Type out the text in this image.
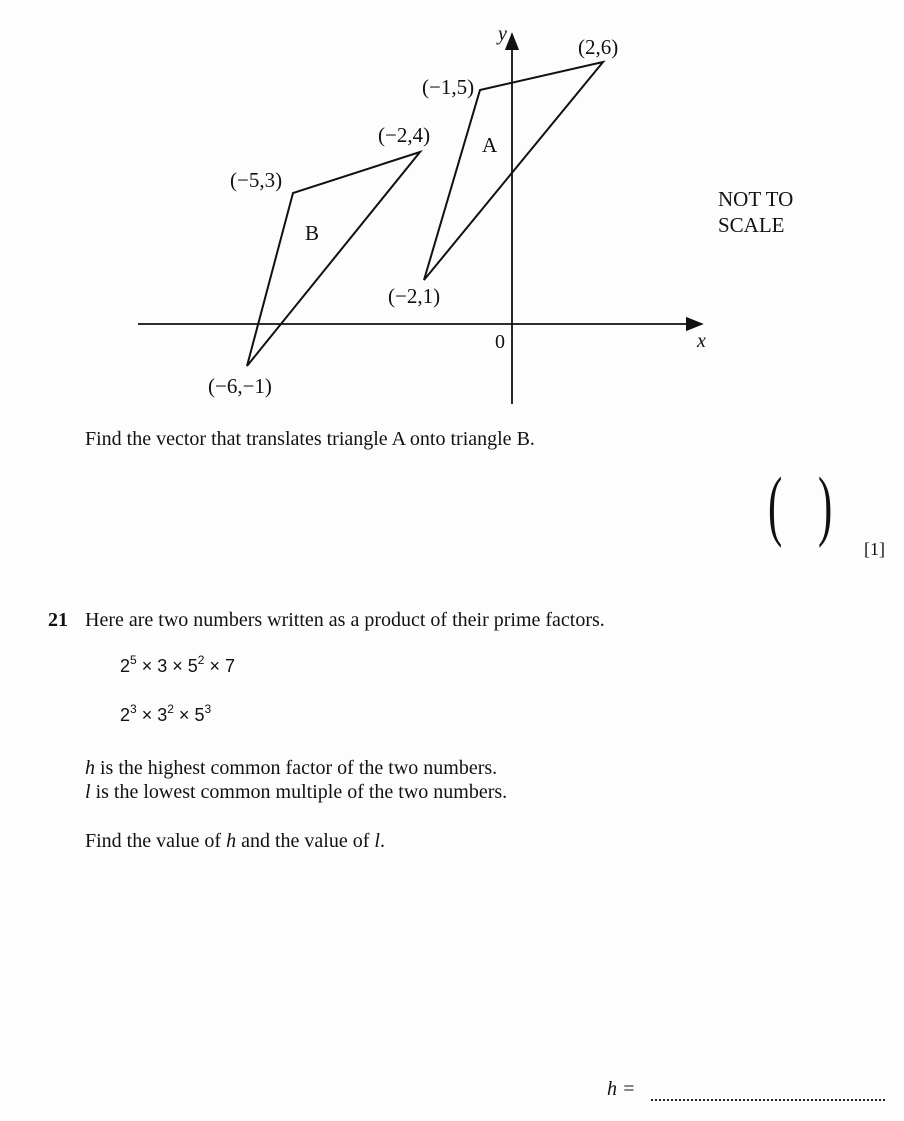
y
x
0
A
(2,6)
(−1,5)
(−2,1)
B
(−2,4)
(−5,3)
(−6,−1)
NOT TO
SCALE
Find the vector that translates triangle A onto triangle B.
( )
[1]
21 Here are two numbers written as a product of their prime factors.
$2^5 \times 3 \times 5^2 \times 7$
$2^3 \times 3^2 \times 5^3$
h is the highest common factor of the two numbers.
l is the lowest common multiple of the two numbers.
Find the value of h and the value of l.
h =
